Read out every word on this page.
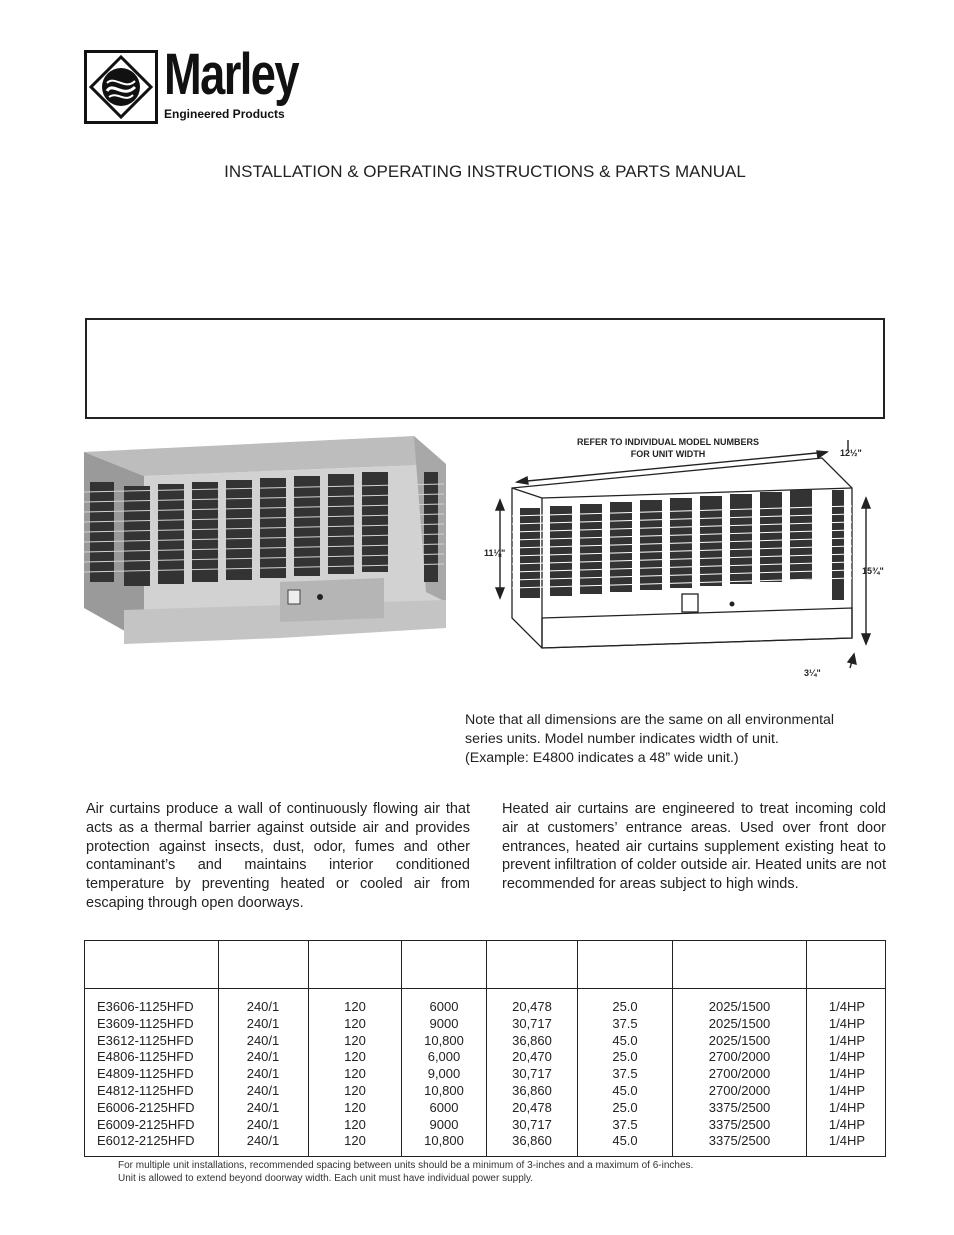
Marley
Engineered Products
INSTALLATION & OPERATING INSTRUCTIONS & PARTS MANUAL
REFER TO INDIVIDUAL MODEL NUMBERS
FOR UNIT WIDTH	12½"
11⅛"
15¾"
3¼"
Note that all dimensions are the same on all environmental
series units. Model number indicates width of unit.
(Example: E4800 indicates a 48” wide unit.)
Air curtains produce a wall of continuously flowing air that acts as a thermal barrier against outside air and provides protection against insects, dust, odor, fumes and other contaminant’s and maintains interior conditioned temperature by preventing heated or cooled air from escaping through open doorways.
Heated air curtains are engineered to treat incoming cold air at customers’ entrance areas. Used over front door entrances, heated air curtains supplement existing heat to prevent infiltration of colder outside air. Heated units are not recommended for areas subject to high winds.
E3606-1125HFD
E3609-1125HFD
E3612-1125HFD
E4806-1125HFD
E4809-1125HFD
E4812-1125HFD
E6006-2125HFD
E6009-2125HFD
E6012-2125HFD
240/1
240/1
240/1
240/1
240/1
240/1
240/1
240/1
240/1
120
120
120
120
120
120
120
120
120
6000
9000
10,800
6,000
9,000
10,800
6000
9000
10,800
20,478
30,717
36,860
20,470
30,717
36,860
20,478
30,717
36,860
25.0
37.5
45.0
25.0
37.5
45.0
25.0
37.5
45.0
2025/1500
2025/1500
2025/1500
2700/2000
2700/2000
2700/2000
3375/2500
3375/2500
3375/2500
1/4HP
1/4HP
1/4HP
1/4HP
1/4HP
1/4HP
1/4HP
1/4HP
1/4HP
For multiple unit installations, recommended spacing between units should be a minimum of 3-inches and a maximum of 6-inches.
Unit is allowed to extend beyond doorway width. Each unit must have individual power supply.
